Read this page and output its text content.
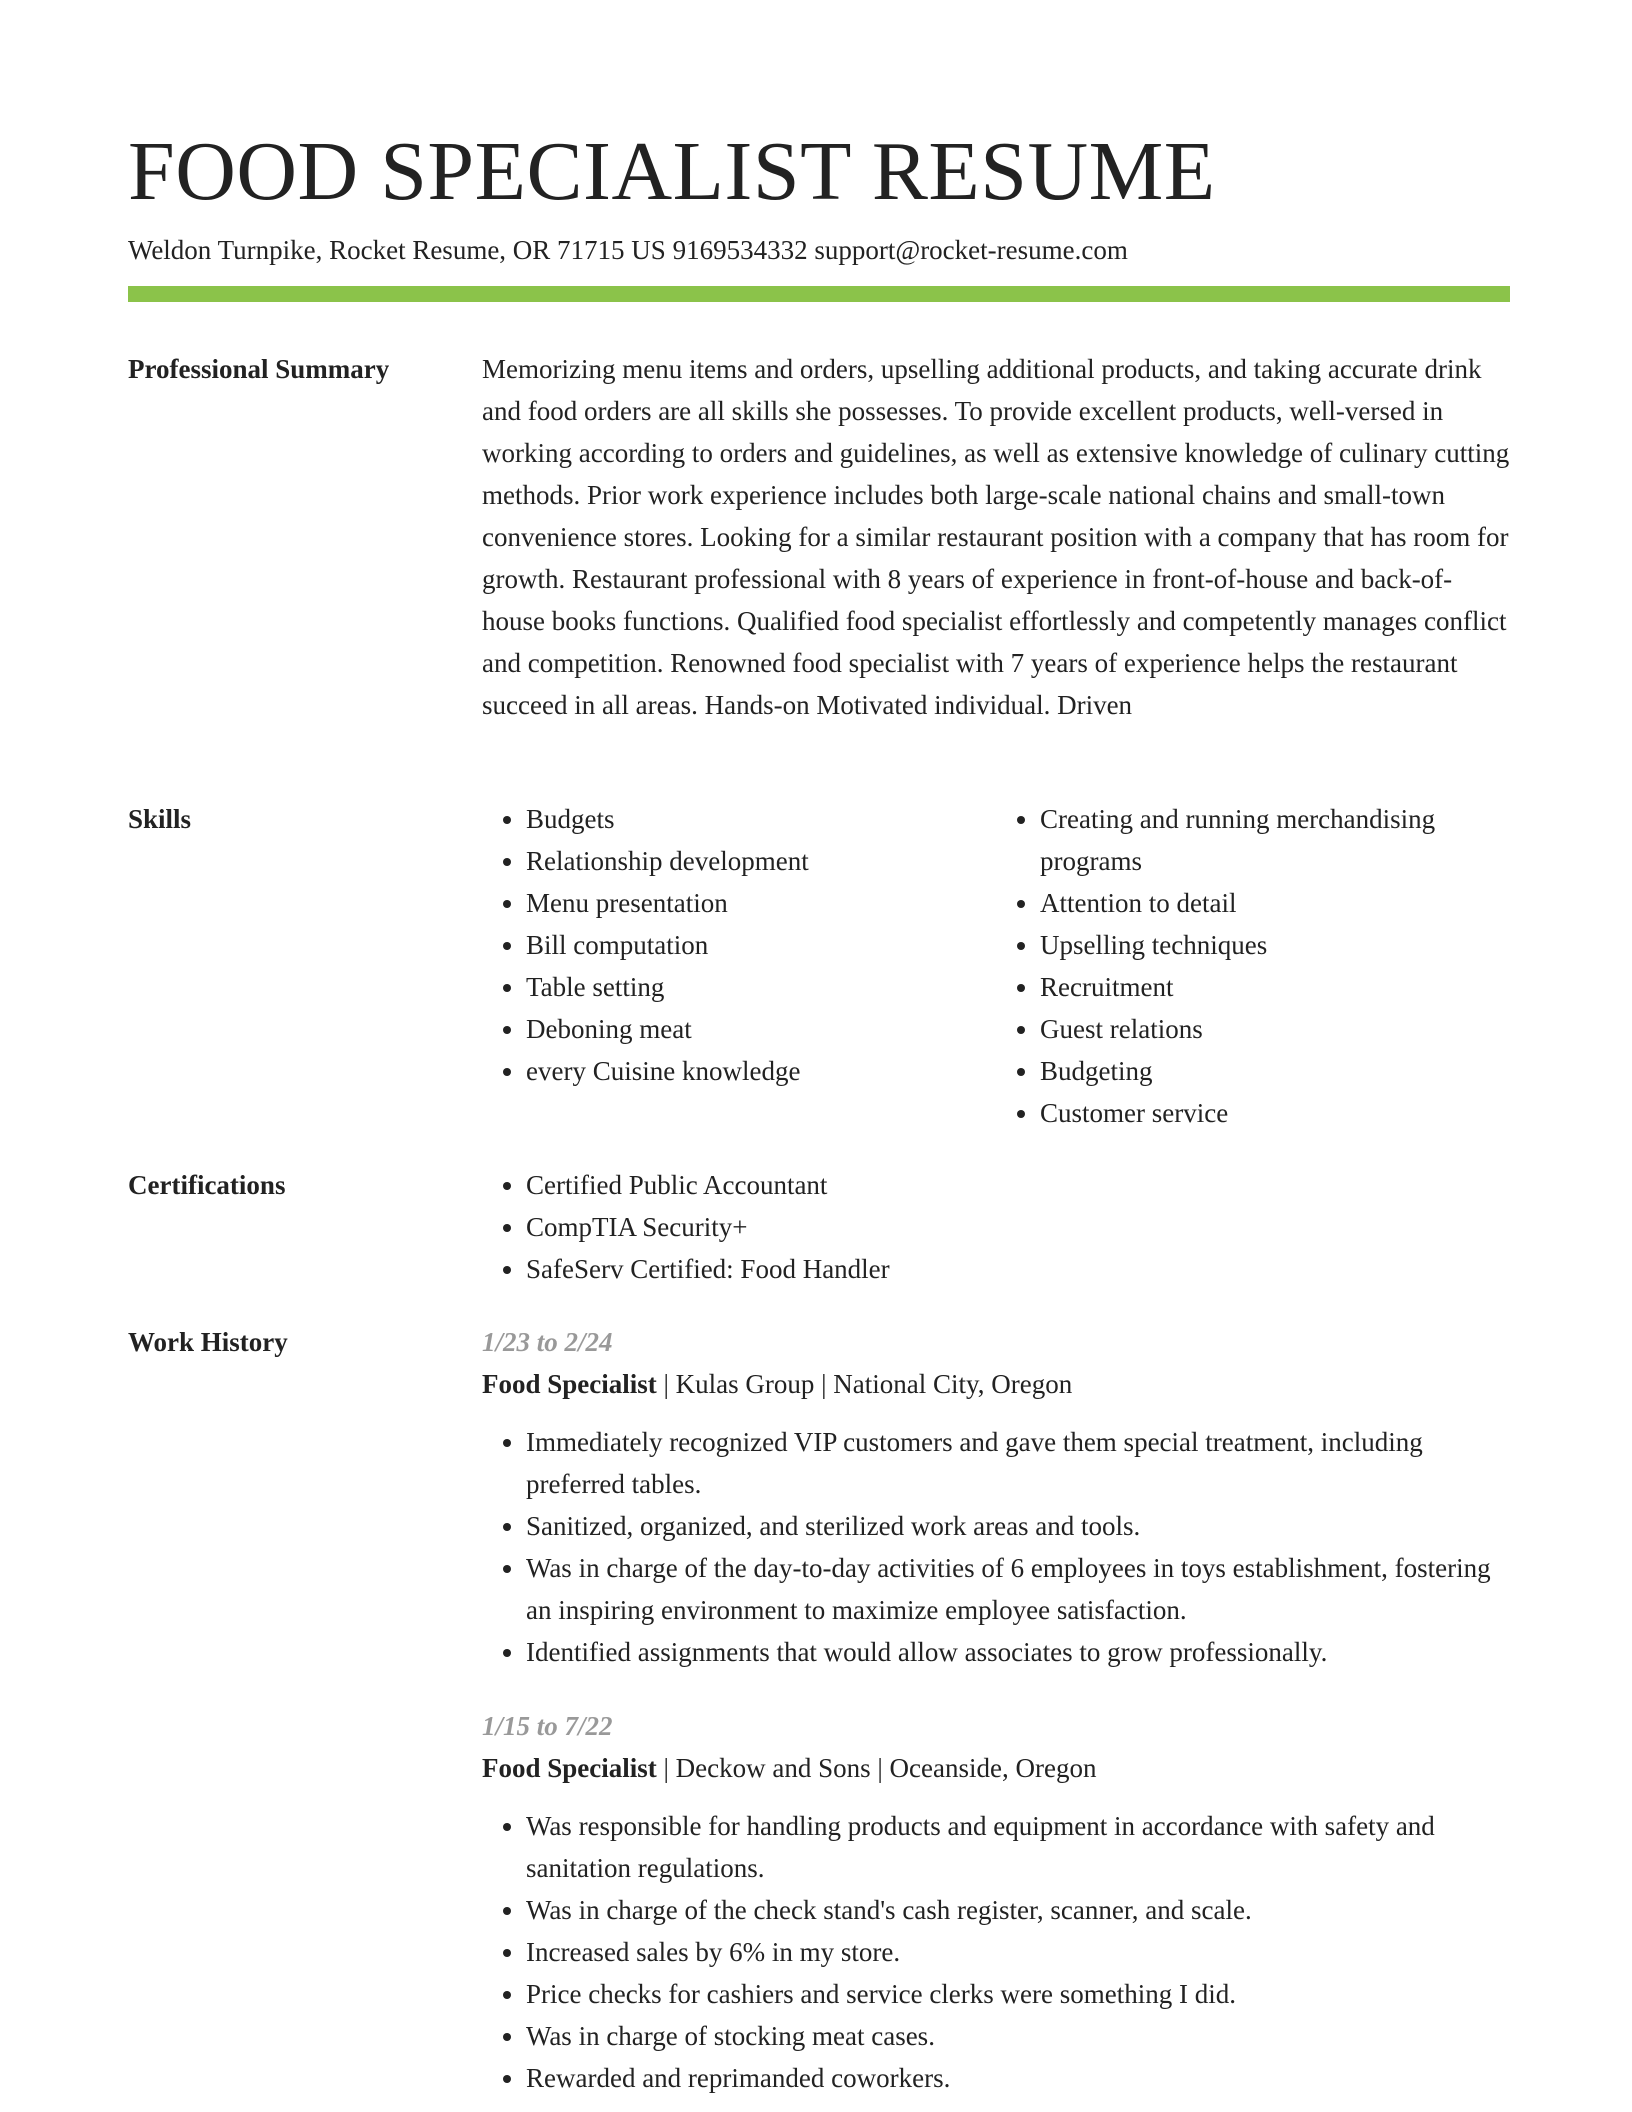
FOOD SPECIALIST RESUME
Weldon Turnpike, Rocket Resume, OR 71715 US 9169534332 support@rocket-resume.com
Professional Summary	Memorizing menu items and orders, upselling additional products, and taking accurate drink and food orders are all skills she possesses. To provide excellent products, well-versed in working according to orders and guidelines, as well as extensive knowledge of culinary cutting methods. Prior work experience includes both large-scale national chains and small-town convenience stores. Looking for a similar restaurant position with a company that has room for growth. Restaurant professional with 8 years of experience in front-of-house and back-of-house books functions. Qualified food specialist effortlessly and competently manages conflict and competition. Renowned food specialist with 7 years of experience helps the restaurant succeed in all areas. Hands-on Motivated individual. Driven

Skills	• Budgets
• Relationship development
• Menu presentation
• Bill computation
• Table setting
• Deboning meat
• every Cuisine knowledge
• Creating and running merchandising programs
• Attention to detail
• Upselling techniques
• Recruitment
• Guest relations
• Budgeting
• Customer service
Certifications	• Certified Public Accountant
• CompTIA Security+
• SafeServ Certified: Food Handler
Work History	1/23 to 2/24
Food Specialist | Kulas Group | National City, Oregon
• Immediately recognized VIP customers and gave them special treatment, including preferred tables.
• Sanitized, organized, and sterilized work areas and tools.
• Was in charge of the day-to-day activities of 6 employees in toys establishment, fostering an inspiring environment to maximize employee satisfaction.
• Identified assignments that would allow associates to grow professionally.
1/15 to 7/22
Food Specialist | Deckow and Sons | Oceanside, Oregon
• Was responsible for handling products and equipment in accordance with safety and sanitation regulations.
• Was in charge of the check stand's cash register, scanner, and scale.
• Increased sales by 6% in my store.
• Price checks for cashiers and service clerks were something I did.
• Was in charge of stocking meat cases.
• Rewarded and reprimanded coworkers.
